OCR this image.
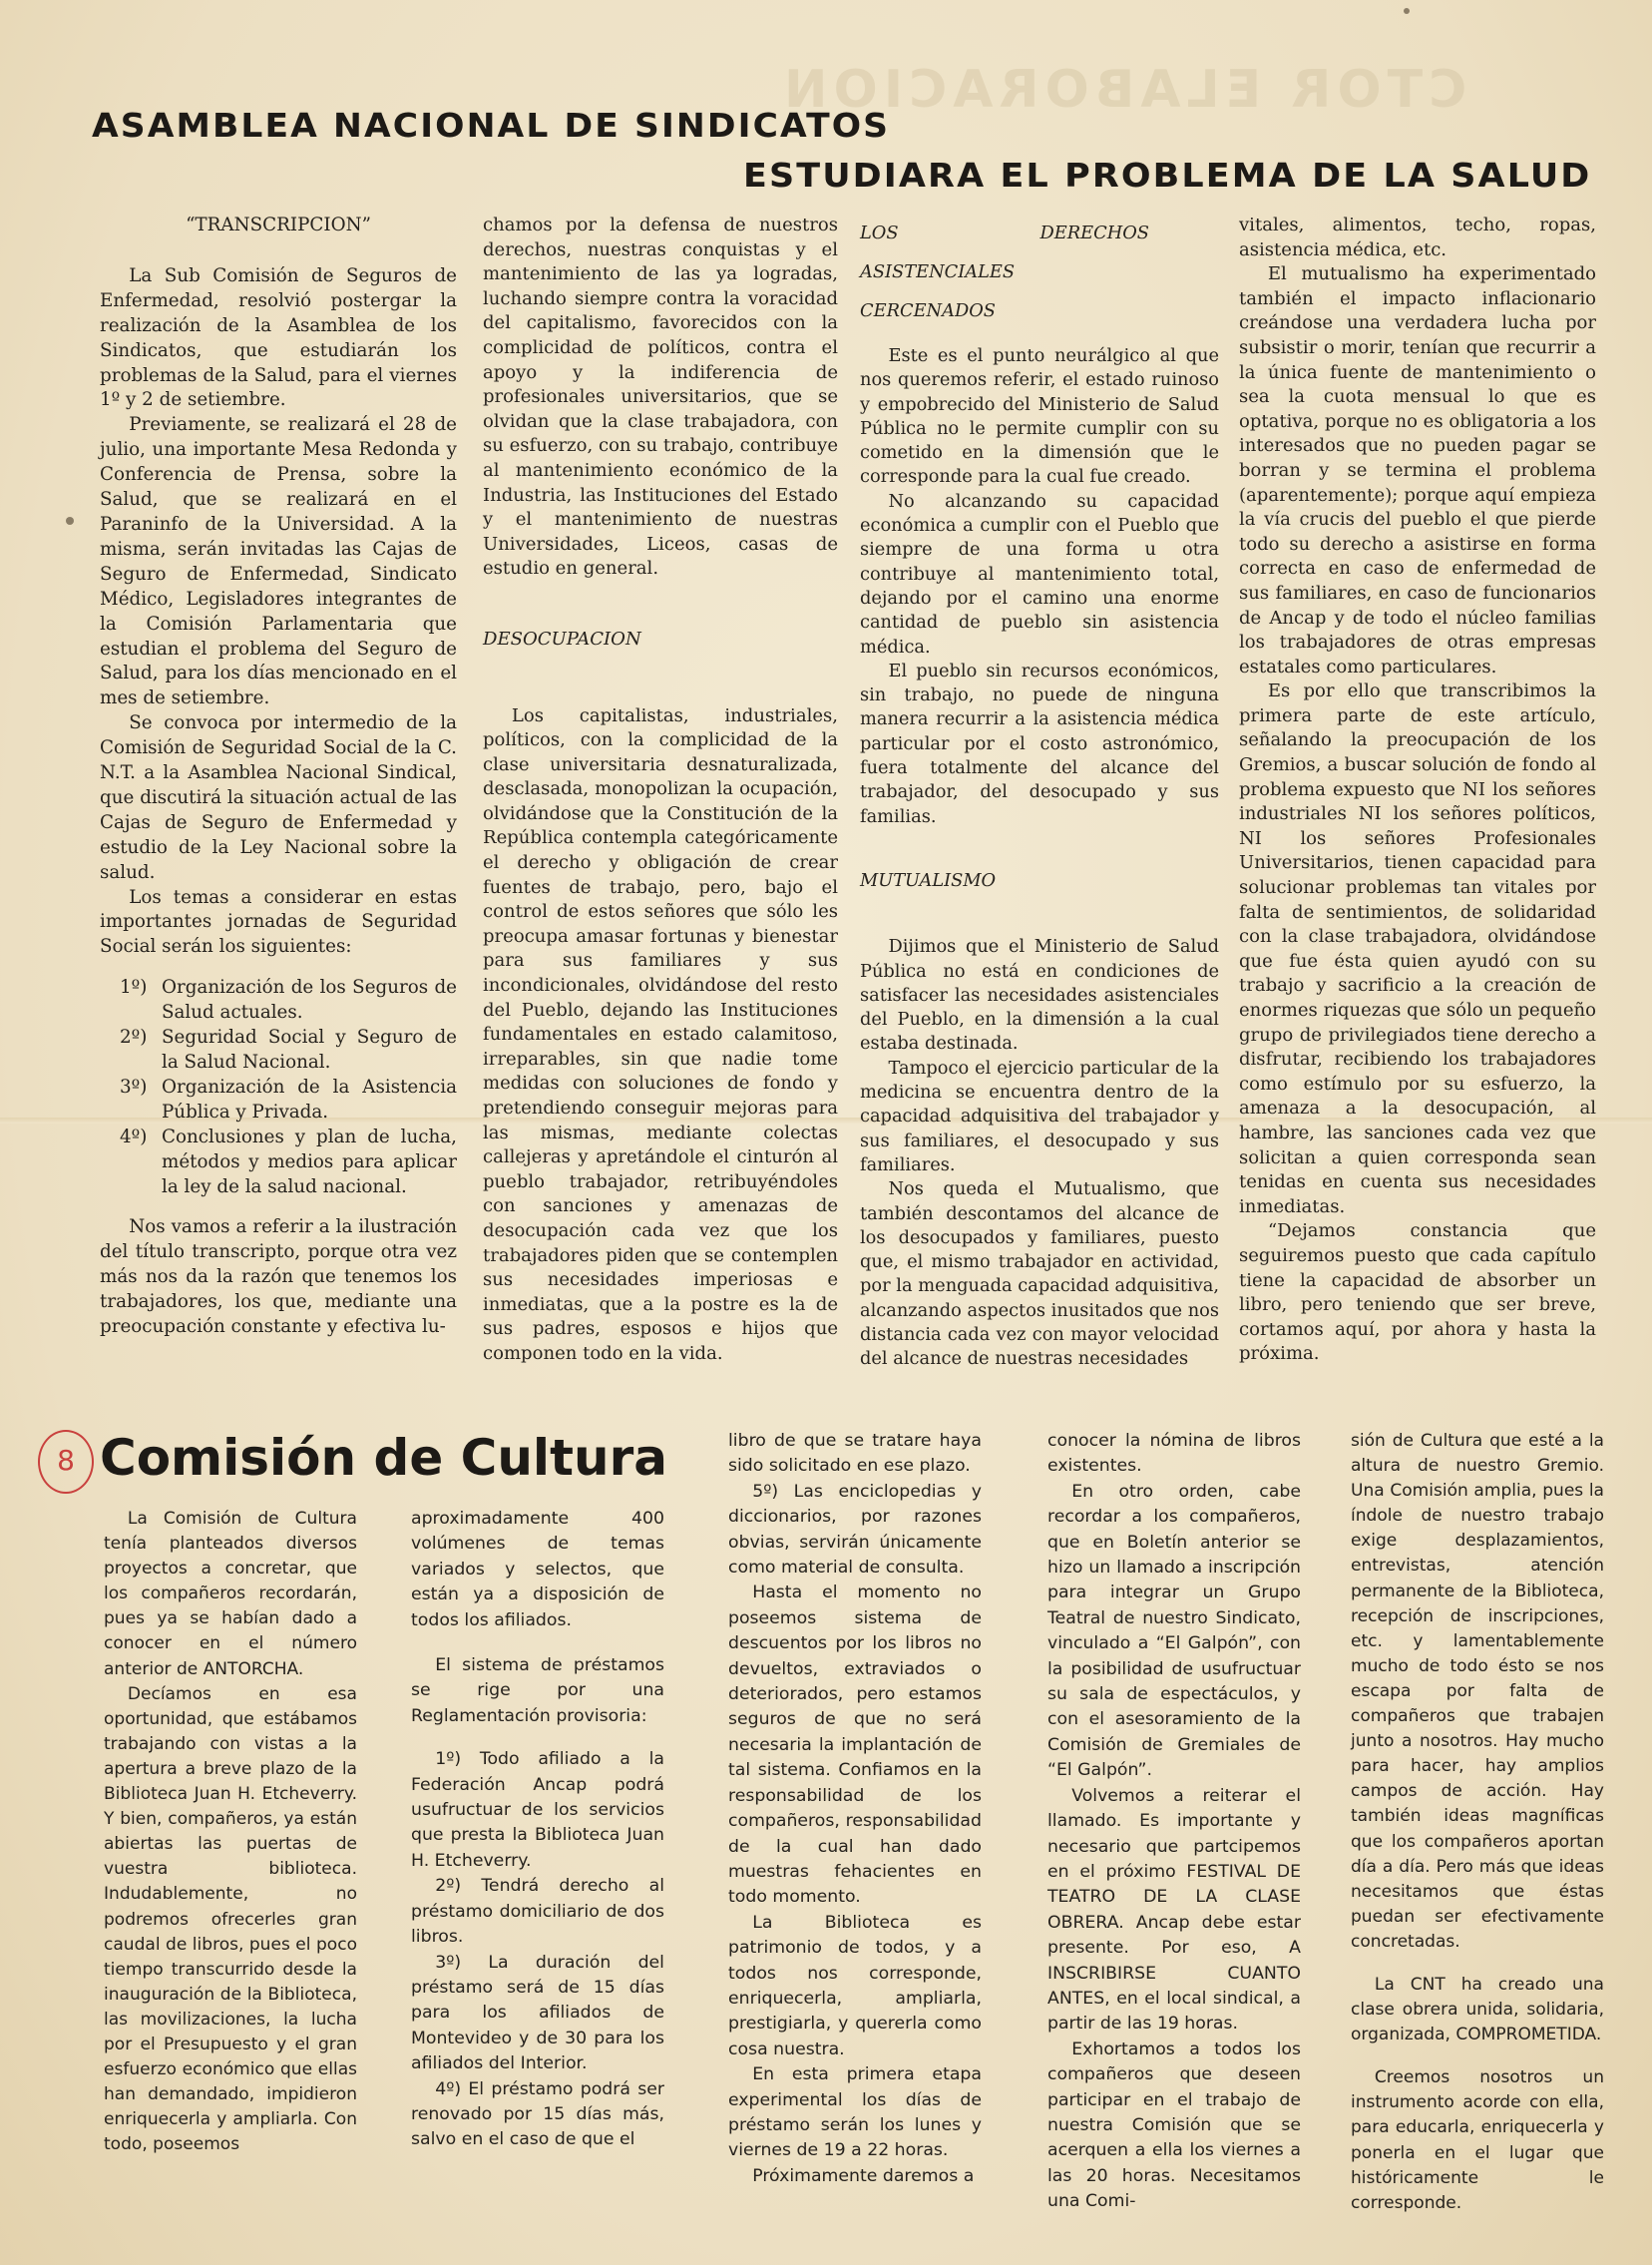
CTOR ELABORACION
ASAMBLEA NACIONAL DE SINDICATOS
ESTUDIARA EL PROBLEMA DE LA SALUD

“TRANSCRIPCION”

La Sub Comisión de Seguros de Enfermedad, resolvió postergar la realización de la Asamblea de los Sindicatos, que estudiarán los problemas de la Salud, para el viernes 1º y 2 de setiembre.

Previamente, se realizará el 28 de julio, una importante Mesa Redonda y Conferencia de Prensa, sobre la Salud, que se realizará en el Paraninfo de la Universidad. A la misma, serán invitadas las Cajas de Seguro de Enfermedad, Sindicato Médico, Legisladores integrantes de la Comisión Parlamentaria que estudian el problema del Seguro de Salud, para los días mencionado en el mes de setiembre.

Se convoca por intermedio de la Comisión de Seguridad Social de la C. N.T. a la Asamblea Nacional Sindical, que discutirá la situación actual de las Cajas de Seguro de Enfermedad y estudio de la Ley Nacional sobre la salud.

Los temas a considerar en estas importantes jornadas de Seguridad Social serán los siguientes:

1º) Organización de los Seguros de Salud actuales.
2º) Seguridad Social y Seguro de la Salud Nacional.
3º) Organización de la Asistencia Pública y Privada.
4º) Conclusiones y plan de lucha, métodos y medios para aplicar la ley de la salud nacional.

Nos vamos a referir a la ilustración del título transcripto, porque otra vez más nos da la razón que tenemos los trabajadores, los que, mediante una preocupación constante y efectiva lu-

chamos por la defensa de nuestros derechos, nuestras conquistas y el mantenimiento de las ya logradas, luchando siempre contra la voracidad del capitalismo, favorecidos con la complicidad de políticos, contra el apoyo y la indiferencia de profesionales universitarios, que se olvidan que la clase trabajadora, con su esfuerzo, con su trabajo, contribuye al mantenimiento económico de la Industria, las Instituciones del Estado y el mantenimiento de nuestras Universidades, Liceos, casas de estudio en general.

DESOCUPACION

Los capitalistas, industriales, políticos, con la complicidad de la clase universitaria desnaturalizada, desclasada, monopolizan la ocupación, olvidándose que la Constitución de la República contempla categóricamente el derecho y obligación de crear fuentes de trabajo, pero, bajo el control de estos señores que sólo les preocupa amasar fortunas y bienestar para sus familiares y sus incondicionales, olvidándose del resto del Pueblo, dejando las Instituciones fundamentales en estado calamitoso, irreparables, sin que nadie tome medidas con soluciones de fondo y pretendiendo conseguir mejoras para las mismas, mediante colectas callejeras y apretándole el cinturón al pueblo trabajador, retribuyéndoles con sanciones y amenazas de desocupación cada vez que los trabajadores piden que se contemplen sus necesidades imperiosas e inmediatas, que a la postre es la de sus padres, esposos e hijos que componen todo en la vida.

LOS DERECHOS ASISTENCIALES CERCENADOS

Este es el punto neurálgico al que nos queremos referir, el estado ruinoso y empobrecido del Ministerio de Salud Pública no le permite cumplir con su cometido en la dimensión que le corresponde para la cual fue creado.

No alcanzando su capacidad económica a cumplir con el Pueblo que siempre de una forma u otra contribuye al mantenimiento total, dejando por el camino una enorme cantidad de pueblo sin asistencia médica.

El pueblo sin recursos económicos, sin trabajo, no puede de ninguna manera recurrir a la asistencia médica particular por el costo astronómico, fuera totalmente del alcance del trabajador, del desocupado y sus familias.

MUTUALISMO

Dijimos que el Ministerio de Salud Pública no está en condiciones de satisfacer las necesidades asistenciales del Pueblo, en la dimensión a la cual estaba destinada.

Tampoco el ejercicio particular de la medicina se encuentra dentro de la capacidad adquisitiva del trabajador y sus familiares, el desocupado y sus familiares.

Nos queda el Mutualismo, que también descontamos del alcance de los desocupados y familiares, puesto que, el mismo trabajador en actividad, por la menguada capacidad adquisitiva, alcanzando aspectos inusitados que nos distancia cada vez con mayor velocidad del alcance de nuestras necesidades

vitales, alimentos, techo, ropas, asistencia médica, etc.

El mutualismo ha experimentado también el impacto inflacionario creándose una verdadera lucha por subsistir o morir, tenían que recurrir a la única fuente de mantenimiento o sea la cuota mensual lo que es optativa, porque no es obligatoria a los interesados que no pueden pagar se borran y se termina el problema (aparentemente); porque aquí empieza la vía crucis del pueblo el que pierde todo su derecho a asistirse en forma correcta en caso de enfermedad de sus familiares, en caso de funcionarios de Ancap y de todo el núcleo familias los trabajadores de otras empresas estatales como particulares.

Es por ello que transcribimos la primera parte de este artículo, señalando la preocupación de los Gremios, a buscar solución de fondo al problema expuesto que NI los señores industriales NI los señores políticos, NI los señores Profesionales Universitarios, tienen capacidad para solucionar problemas tan vitales por falta de sentimientos, de solidaridad con la clase trabajadora, olvidándose que fue ésta quien ayudó con su trabajo y sacrificio a la creación de enormes riquezas que sólo un pequeño grupo de privilegiados tiene derecho a disfrutar, recibiendo los trabajadores como estímulo por su esfuerzo, la amenaza a la desocupación, al hambre, las sanciones cada vez que solicitan a quien corresponda sean tenidas en cuenta sus necesidades inmediatas.

“Dejamos constancia que seguiremos puesto que cada capítulo tiene la capacidad de absorber un libro, pero teniendo que ser breve, cortamos aquí, por ahora y hasta la próxima.

8 Comisión de Cultura

La Comisión de Cultura tenía planteados diversos proyectos a concretar, que los compañeros recordarán, pues ya se habían dado a conocer en el número anterior de ANTORCHA.

Decíamos en esa oportunidad, que estábamos trabajando con vistas a la apertura a breve plazo de la Biblioteca Juan H. Etcheverry. Y bien, compañeros, ya están abiertas las puertas de vuestra biblioteca. Indudablemente, no podremos ofrecerles gran caudal de libros, pues el poco tiempo transcurrido desde la inauguración de la Biblioteca, las movilizaciones, la lucha por el Presupuesto y el gran esfuerzo económico que ellas han demandado, impidieron enriquecerla y ampliarla. Con todo, poseemos

aproximadamente 400 volúmenes de temas variados y selectos, que están ya a disposición de todos los afiliados.

El sistema de préstamos se rige por una Reglamentación provisoria:

1º) Todo afiliado a la Federación Ancap podrá usufructuar de los servicios que presta la Biblioteca Juan H. Etcheverry.

2º) Tendrá derecho al préstamo domiciliario de dos libros.

3º) La duración del préstamo será de 15 días para los afiliados de Montevideo y de 30 para los afiliados del Interior.

4º) El préstamo podrá ser renovado por 15 días más, salvo en el caso de que el

libro de que se tratare haya sido solicitado en ese plazo.

5º) Las enciclopedias y diccionarios, por razones obvias, servirán únicamente como material de consulta.

Hasta el momento no poseemos sistema de descuentos por los libros no devueltos, extraviados o deteriorados, pero estamos seguros de que no será necesaria la implantación de tal sistema. Confiamos en la responsabilidad de los compañeros, responsabilidad de la cual han dado muestras fehacientes en todo momento.

La Biblioteca es patrimonio de todos, y a todos nos corresponde, enriquecerla, ampliarla, prestigiarla, y quererla como cosa nuestra.

En esta primera etapa experimental los días de préstamo serán los lunes y viernes de 19 a 22 horas.

Próximamente daremos a

conocer la nómina de libros existentes.

En otro orden, cabe recordar a los compañeros, que en Boletín anterior se hizo un llamado a inscripción para integrar un Grupo Teatral de nuestro Sindicato, vinculado a “El Galpón”, con la posibilidad de usufructuar su sala de espectáculos, y con el asesoramiento de la Comisión de Gremiales de “El Galpón”.

Volvemos a reiterar el llamado. Es importante y necesario que partcipemos en el próximo FESTIVAL DE TEATRO DE LA CLASE OBRERA. Ancap debe estar presente. Por eso, A INSCRIBIRSE CUANTO ANTES, en el local sindical, a partir de las 19 horas.

Exhortamos a todos los compañeros que deseen participar en el trabajo de nuestra Comisión que se acerquen a ella los viernes a las 20 horas. Necesitamos una Comi-

sión de Cultura que esté a la altura de nuestro Gremio. Una Comisión amplia, pues la índole de nuestro trabajo exige desplazamientos, entrevistas, atención permanente de la Biblioteca, recepción de inscripciones, etc. y lamentablemente mucho de todo ésto se nos escapa por falta de compañeros que trabajen junto a nosotros. Hay mucho para hacer, hay amplios campos de acción. Hay también ideas magníficas que los compañeros aportan día a día. Pero más que ideas necesitamos que éstas puedan ser efectivamente concretadas.

La CNT ha creado una clase obrera unida, solidaria, organizada, COMPROMETIDA.

Creemos nosotros un instrumento acorde con ella, para educarla, enriquecerla y ponerla en el lugar que históricamente le corresponde.
